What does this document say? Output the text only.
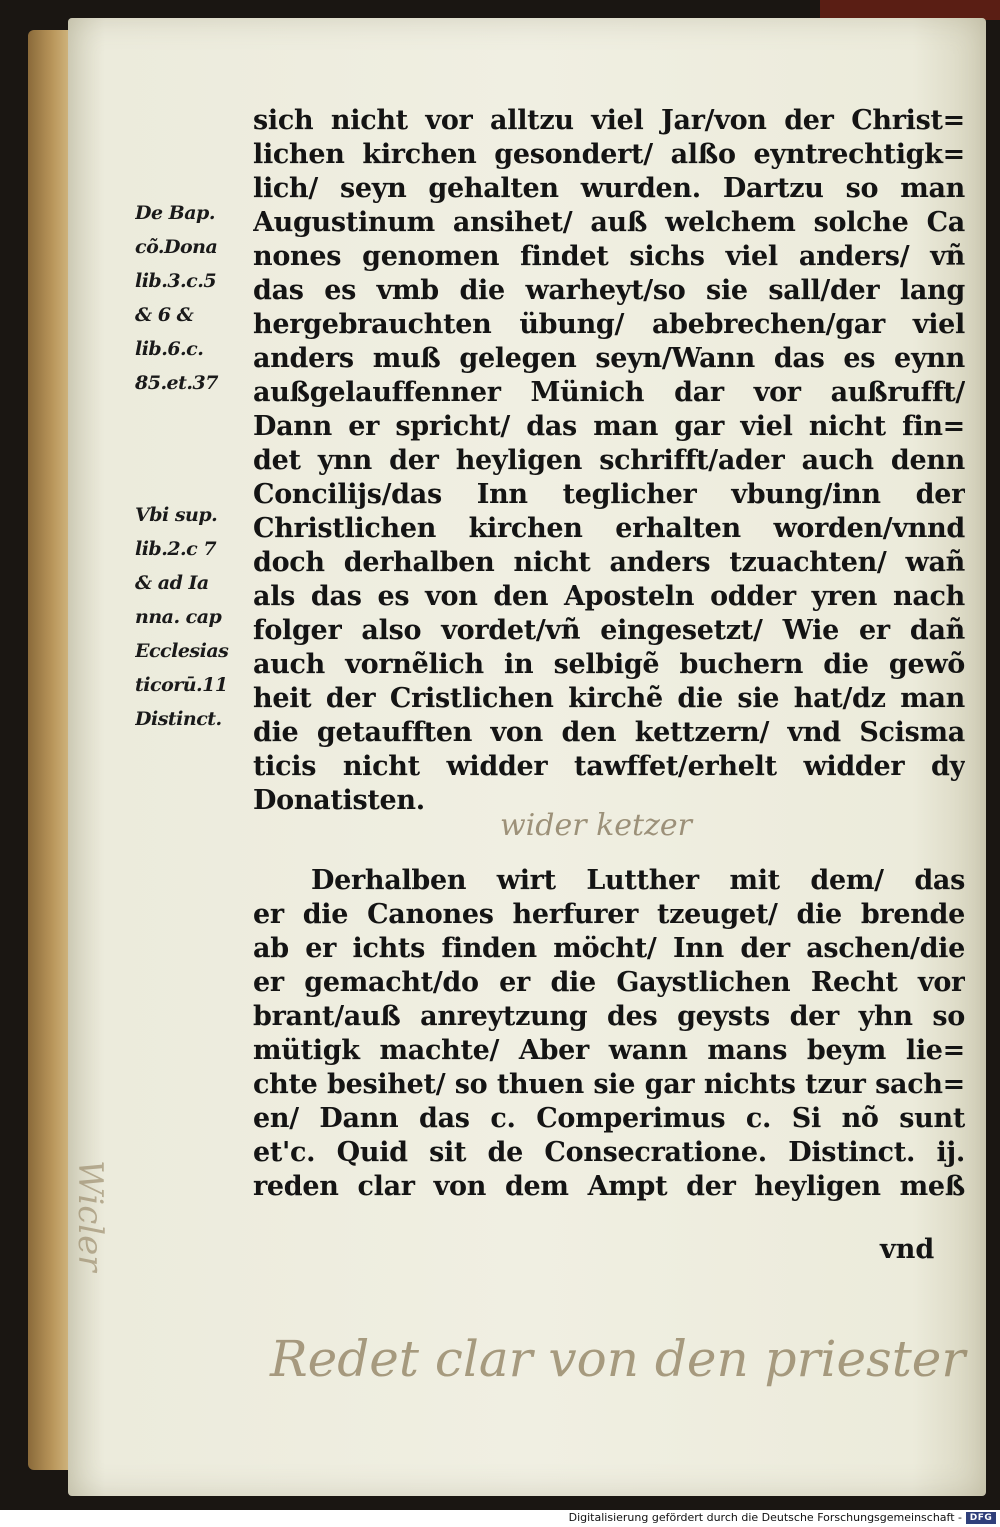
De Bap.
cõ.Dona
lib.3.c.5
& 6 &
lib.6.c.
85.et.37
Vbi sup.
lib.2.c 7
& ad Ia
nna. cap
Ecclesias
ticorū.11
Distinct.
sich nicht vor alltzu viel Jar/von der Christ=
lichen kirchen gesondert/ alßo eyntrechtigk=
lich/ seyn gehalten wurden. Dartzu so man
Augustinum ansihet/ auß welchem solche Ca
nones genomen findet sichs viel anders/ vñ
das es vmb die warheyt/so sie sall/der lang
hergebrauchten übung/ abebrechen/gar viel
anders muß gelegen seyn/Wann das es eynn
außgelauffenner Münich dar vor außrufft/
Dann er spricht/ das man gar viel nicht fin=
det ynn der heyligen schrifft/ader auch denn
Concilijs/das Inn teglicher vbung/inn der
Christlichen kirchen erhalten worden/vnnd
doch derhalben nicht anders tzuachten/ wañ
als das es von den Aposteln odder yren nach
folger also vordet/vñ eingesetzt/ Wie er dañ
auch vornẽlich in selbigẽ buchern die gewõ
heit der Cristlichen kirchẽ die sie hat/dz man
die getaufften von den kettzern/ vnd Scisma
ticis nicht widder tawffet/erhelt widder dy
Donatisten.
Derhalben wirt Lutther mit dem/ das
er die Canones herfurer tzeuget/ die brende
ab er ichts finden möcht/ Inn der aschen/die
er gemacht/do er die Gaystlichen Recht vor
brant/auß anreytzung des geysts der yhn so
mütigk machte/ Aber wann mans beym lie=
chte besihet/ so thuen sie gar nichts tzur sach=
en/ Dann das c. Comperimus c. Si nõ sunt
et'c. Quid sit de Consecratione. Distinct. ij.
reden clar von dem Ampt der heyligen meß
vnd
wider ketzer
Wicler
Redet clar von den priester
Digitalisierung gefördert durch die Deutsche Forschungsgemeinschaft - DFG
